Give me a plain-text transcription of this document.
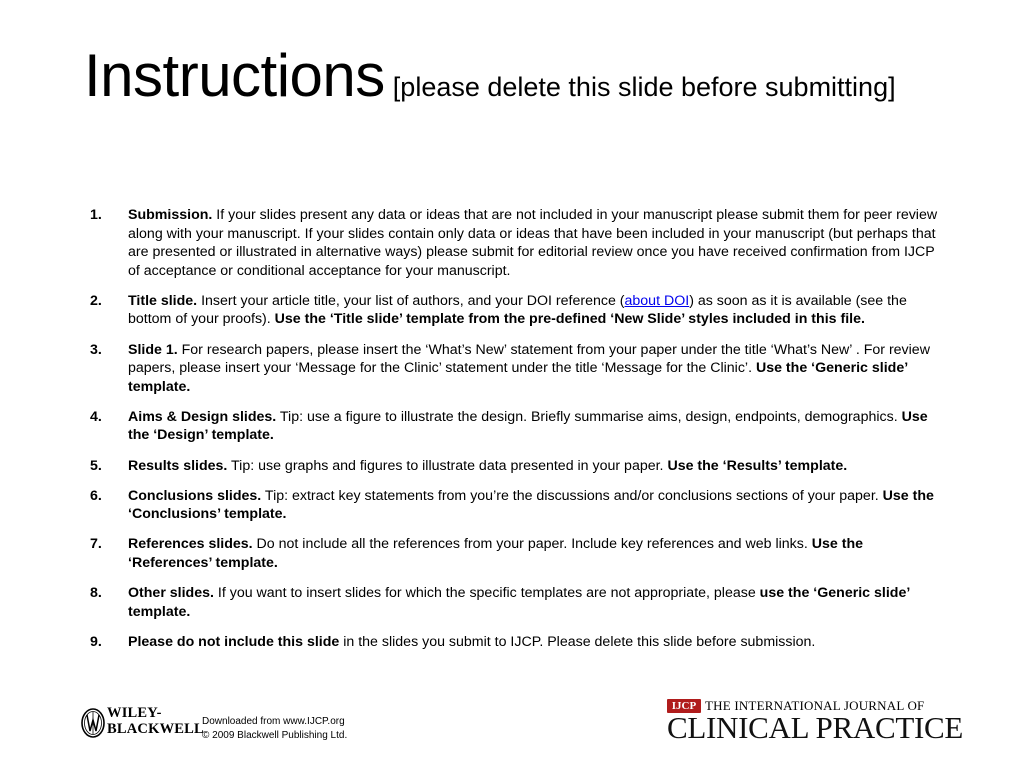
Instructions [please delete this slide before submitting]
1. Submission. If your slides present any data or ideas that are not included in your manuscript please submit them for peer review along with your manuscript. If your slides contain only data or ideas that have been included in your manuscript (but perhaps that are presented or illustrated in alternative ways) please submit for editorial review once you have received confirmation from IJCP of acceptance or conditional acceptance for your manuscript.
2. Title slide. Insert your article title, your list of authors, and your DOI reference (about DOI) as soon as it is available (see the bottom of your proofs). Use the ‘Title slide’ template from the pre-defined ‘New Slide’ styles included in this file.
3. Slide 1. For research papers, please insert the ‘What’s New’ statement from your paper under the title ‘What’s New’ . For review papers, please insert your ‘Message for the Clinic’ statement under the title ‘Message for the Clinic’. Use the ‘Generic slide’ template.
4. Aims & Design slides. Tip: use a figure to illustrate the design. Briefly summarise aims, design, endpoints, demographics. Use the ‘Design’ template.
5. Results slides. Tip: use graphs and figures to illustrate data presented in your paper. Use the ‘Results’ template.
6. Conclusions slides. Tip: extract key statements from you’re the discussions and/or conclusions sections of your paper. Use the ‘Conclusions’ template.
7. References slides. Do not include all the references from your paper. Include key references and web links. Use the ‘References’ template.
8. Other slides. If you want to insert slides for which the specific templates are not appropriate, please use the ‘Generic slide’ template.
9. Please do not include this slide in the slides you submit to IJCP. Please delete this slide before submission.
WILEY-
BLACKWELL
Downloaded from www.IJCP.org
© 2009 Blackwell Publishing Ltd.
IJCP THE INTERNATIONAL JOURNAL OF
CLINICAL PRACTICE
